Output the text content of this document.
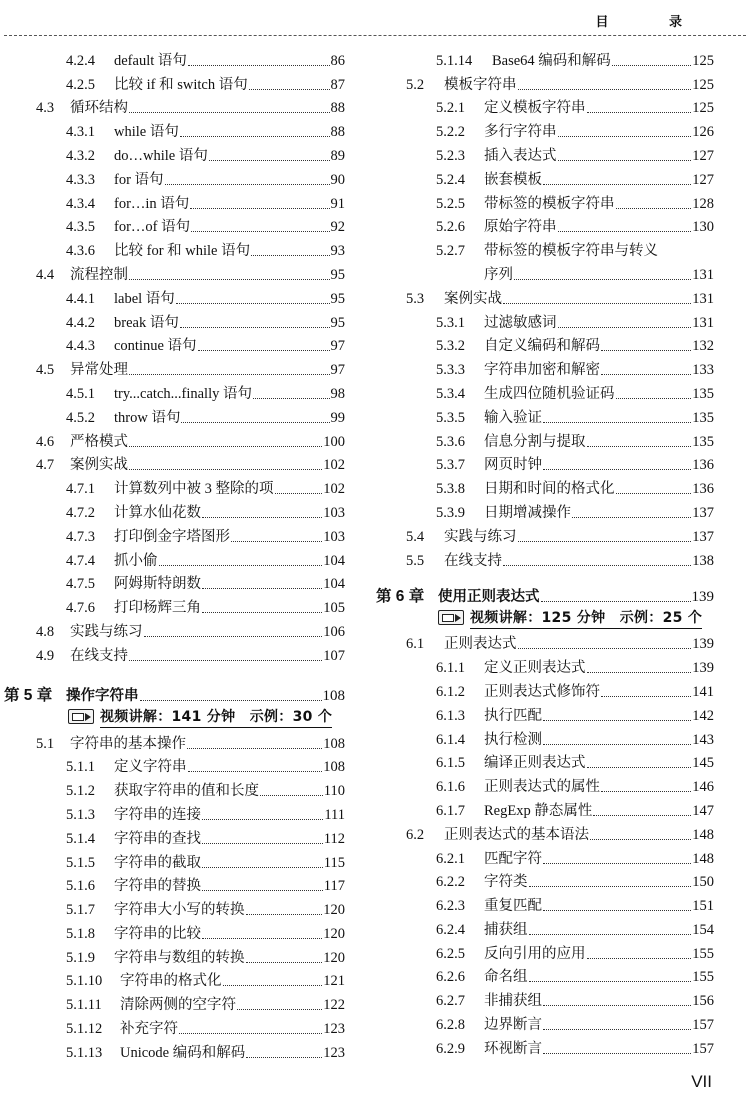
目 录
4.2.4	default 语句	86
4.2.5	比较 if 和 switch 语句	87
4.3	循环结构	88
4.3.1	while 语句	88
4.3.2	do…while 语句	89
4.3.3	for 语句	90
4.3.4	for…in 语句	91
4.3.5	for…of 语句	92
4.3.6	比较 for 和 while 语句	93
4.4	流程控制	95
4.4.1	label 语句	95
4.4.2	break 语句	95
4.4.3	continue 语句	97
4.5	异常处理	97
4.5.1	try...catch...finally 语句	98
4.5.2	throw 语句	99
4.6	严格模式	100
4.7	案例实战	102
4.7.1	计算数列中被 3 整除的项	102
4.7.2	计算水仙花数	103
4.7.3	打印倒金字塔图形	103
4.7.4	抓小偷	104
4.7.5	阿姆斯特朗数	104
4.7.6	打印杨辉三角	105
4.8	实践与练习	106
4.9	在线支持	107
第 5 章 操作字符串	108
视频讲解：141 分钟　示例：30 个
5.1	字符串的基本操作	108
5.1.1	定义字符串	108
5.1.2	获取字符串的值和长度	110
5.1.3	字符串的连接	111
5.1.4	字符串的查找	112
5.1.5	字符串的截取	115
5.1.6	字符串的替换	117
5.1.7	字符串大小写的转换	120
5.1.8	字符串的比较	120
5.1.9	字符串与数组的转换	120
5.1.10	字符串的格式化	121
5.1.11	清除两侧的空字符	122
5.1.12	补充字符	123
5.1.13	Unicode 编码和解码	123
5.1.14	Base64 编码和解码	125
5.2	模板字符串	125
5.2.1	定义模板字符串	125
5.2.2	多行字符串	126
5.2.3	插入表达式	127
5.2.4	嵌套模板	127
5.2.5	带标签的模板字符串	128
5.2.6	原始字符串	130
5.2.7	带标签的模板字符串与转义
序列	131
5.3	案例实战	131
5.3.1	过滤敏感词	131
5.3.2	自定义编码和解码	132
5.3.3	字符串加密和解密	133
5.3.4	生成四位随机验证码	135
5.3.5	输入验证	135
5.3.6	信息分割与提取	135
5.3.7	网页时钟	136
5.3.8	日期和时间的格式化	136
5.3.9	日期增减操作	137
5.4	实践与练习	137
5.5	在线支持	138
第 6 章 使用正则表达式	139
视频讲解：125 分钟　示例：25 个
6.1	正则表达式	139
6.1.1	定义正则表达式	139
6.1.2	正则表达式修饰符	141
6.1.3	执行匹配	142
6.1.4	执行检测	143
6.1.5	编译正则表达式	145
6.1.6	正则表达式的属性	146
6.1.7	RegExp 静态属性	147
6.2	正则表达式的基本语法	148
6.2.1	匹配字符	148
6.2.2	字符类	150
6.2.3	重复匹配	151
6.2.4	捕获组	154
6.2.5	反向引用的应用	155
6.2.6	命名组	155
6.2.7	非捕获组	156
6.2.8	边界断言	157
6.2.9	环视断言	157
VII
